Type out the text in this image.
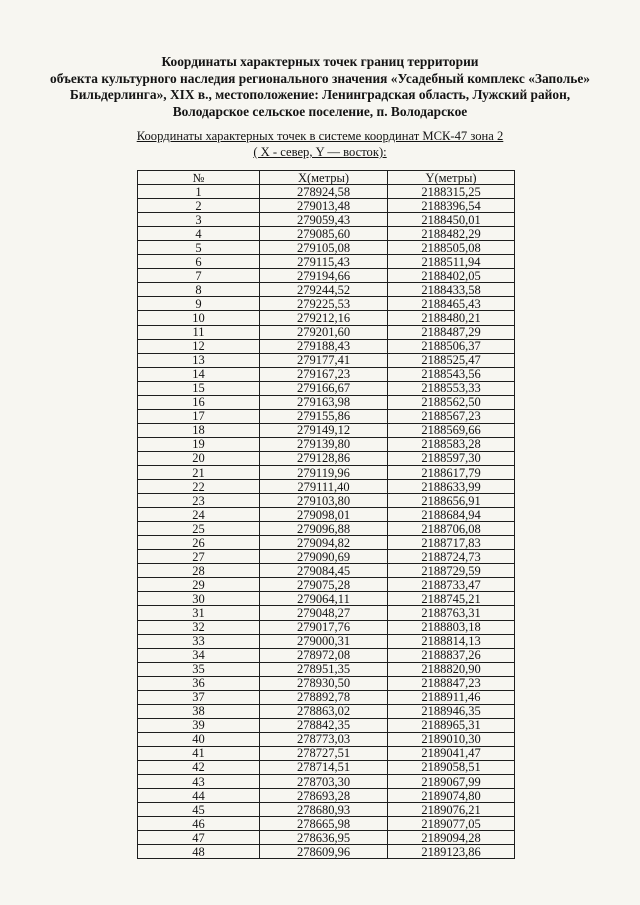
Координаты характерных точек границ территории
объекта культурного наследия регионального значения «Усадебный комплекс «Заполье»
Бильдерлинга», XIX в., местоположение: Ленинградская область, Лужский район,
Володарское сельское поселение, п. Володарское
Координаты характерных точек в системе координат МСК-47 зона 2
( X - север, Y — восток):
№	Х(метры)	Y(метры)
1	278924,58	2188315,25
2	279013,48	2188396,54
3	279059,43	2188450,01
4	279085,60	2188482,29
5	279105,08	2188505,08
6	279115,43	2188511,94
7	279194,66	2188402,05
8	279244,52	2188433,58
9	279225,53	2188465,43
10	279212,16	2188480,21
11	279201,60	2188487,29
12	279188,43	2188506,37
13	279177,41	2188525,47
14	279167,23	2188543,56
15	279166,67	2188553,33
16	279163,98	2188562,50
17	279155,86	2188567,23
18	279149,12	2188569,66
19	279139,80	2188583,28
20	279128,86	2188597,30
21	279119,96	2188617,79
22	279111,40	2188633,99
23	279103,80	2188656,91
24	279098,01	2188684,94
25	279096,88	2188706,08
26	279094,82	2188717,83
27	279090,69	2188724,73
28	279084,45	2188729,59
29	279075,28	2188733,47
30	279064,11	2188745,21
31	279048,27	2188763,31
32	279017,76	2188803,18
33	279000,31	2188814,13
34	278972,08	2188837,26
35	278951,35	2188820,90
36	278930,50	2188847,23
37	278892,78	2188911,46
38	278863,02	2188946,35
39	278842,35	2188965,31
40	278773,03	2189010,30
41	278727,51	2189041,47
42	278714,51	2189058,51
43	278703,30	2189067,99
44	278693,28	2189074,80
45	278680,93	2189076,21
46	278665,98	2189077,05
47	278636,95	2189094,28
48	278609,96	2189123,86
